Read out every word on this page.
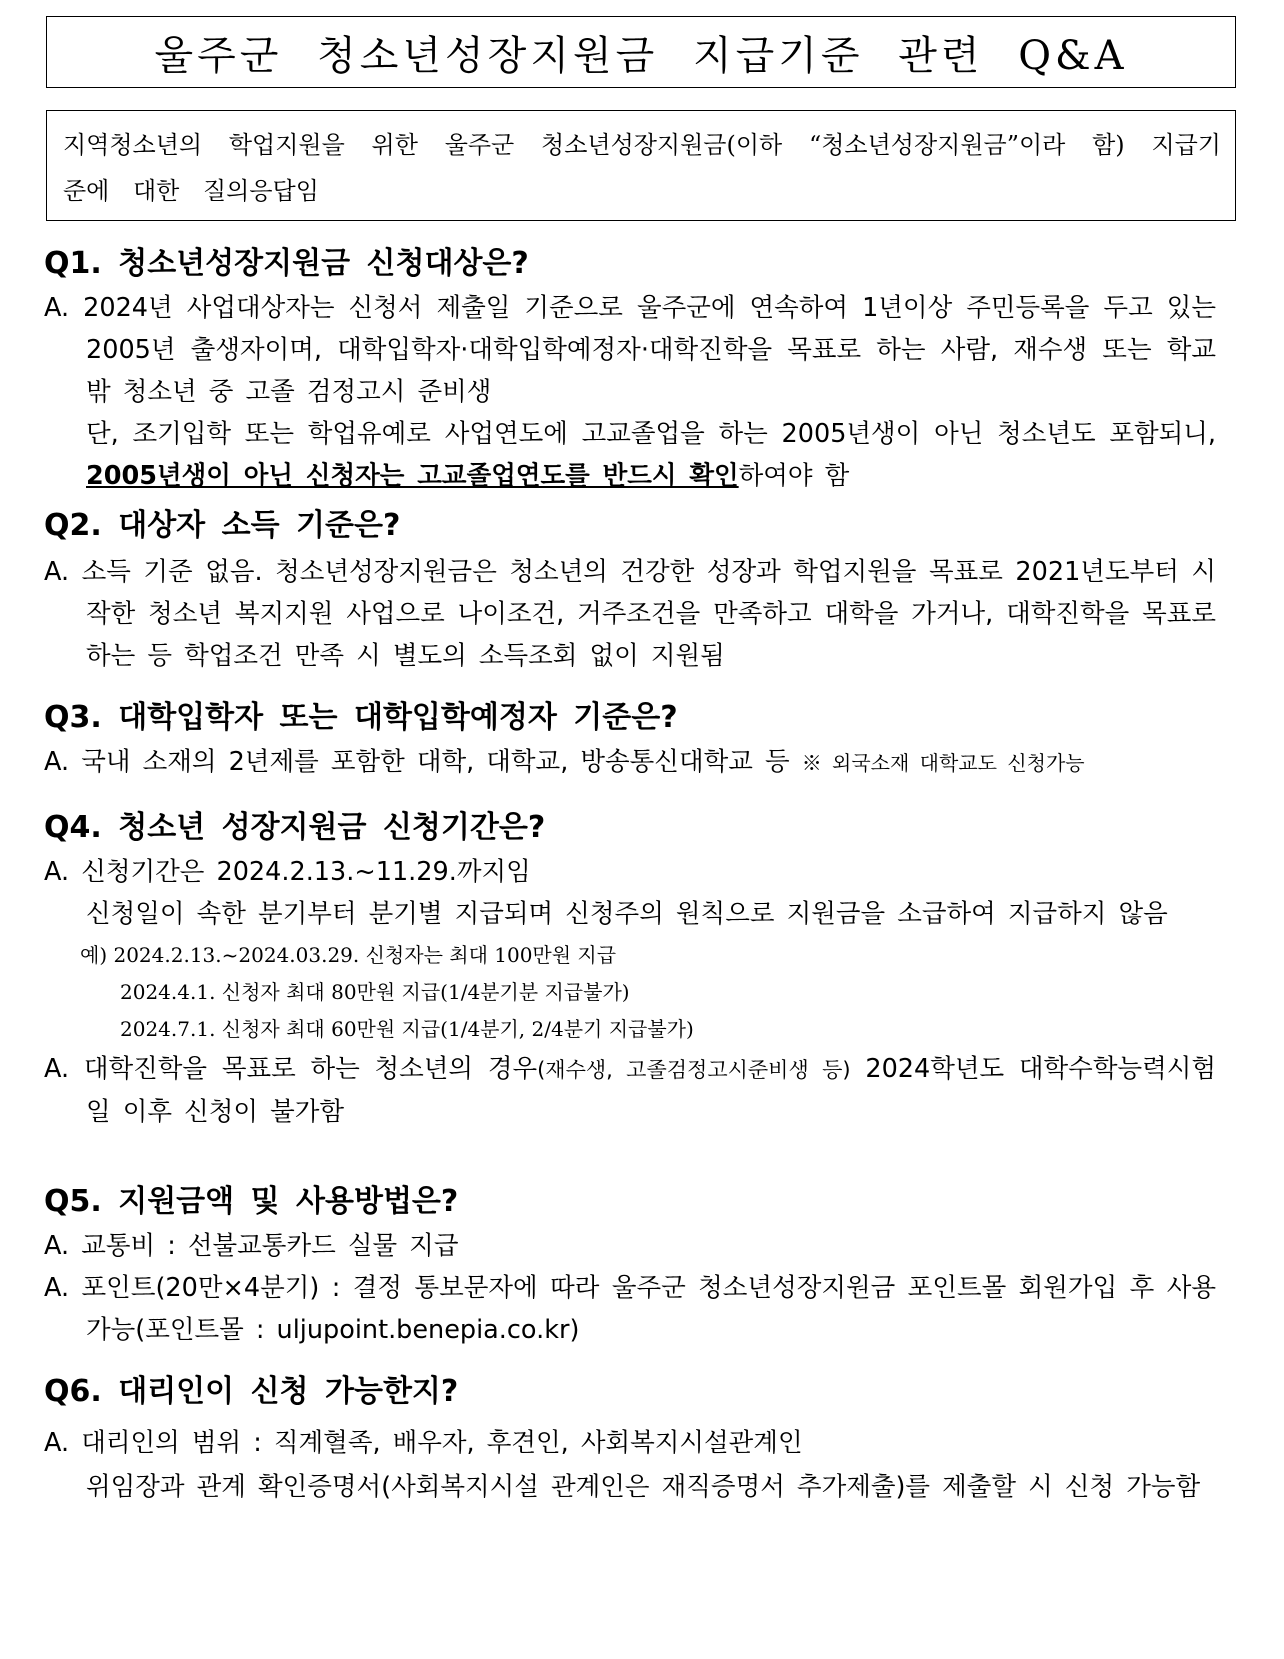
울주군 청소년성장지원금 지급기준 관련 Q&A
지역청소년의 학업지원을 위한 울주군 청소년성장지원금(이하 “청소년성장지원금”이라 함) 지급기준에 대한 질의응답임

Q1. 청소년성장지원금 신청대상은?

A. 2024년 사업대상자는 신청서 제출일 기준으로 울주군에 연속하여 1년이상 주민등록을 두고 있는 2005년 출생자이며, 대학입학자·대학입학예정자·대학진학을 목표로 하는 사람, 재수생 또는 학교 밖 청소년 중 고졸 검정고시 준비생

단, 조기입학 또는 학업유예로 사업연도에 고교졸업을 하는 2005년생이 아닌 청소년도 포함되니, 2005년생이 아닌 신청자는 고교졸업연도를 반드시 확인하여야 함

Q2. 대상자 소득 기준은?

A. 소득 기준 없음. 청소년성장지원금은 청소년의 건강한 성장과 학업지원을 목표로 2021년도부터 시작한 청소년 복지지원 사업으로 나이조건, 거주조건을 만족하고 대학을 가거나, 대학진학을 목표로 하는 등 학업조건 만족 시 별도의 소득조회 없이 지원됨

Q3. 대학입학자 또는 대학입학예정자 기준은?

A. 국내 소재의 2년제를 포함한 대학, 대학교, 방송통신대학교 등 ※ 외국소재 대학교도 신청가능

Q4. 청소년 성장지원금 신청기간은?

A. 신청기간은 2024.2.13.~11.29.까지임

신청일이 속한 분기부터 분기별 지급되며 신청주의 원칙으로 지원금을 소급하여 지급하지 않음

예) 2024.2.13.~2024.03.29. 신청자는 최대 100만원 지급

2024.4.1. 신청자 최대 80만원 지급(1/4분기분 지급불가)

2024.7.1. 신청자 최대 60만원 지급(1/4분기, 2/4분기 지급불가)

A. 대학진학을 목표로 하는 청소년의 경우(재수생, 고졸검정고시준비생 등) 2024학년도 대학수학능력시험일 이후 신청이 불가함

Q5. 지원금액 및 사용방법은?

A. 교통비 : 선불교통카드 실물 지급

A. 포인트(20만×4분기) : 결정 통보문자에 따라 울주군 청소년성장지원금 포인트몰 회원가입 후 사용가능(포인트몰 : uljupoint.benepia.co.kr)

Q6. 대리인이 신청 가능한지?

A. 대리인의 범위 : 직계혈족, 배우자, 후견인, 사회복지시설관계인

위임장과 관계 확인증명서(사회복지시설 관계인은 재직증명서 추가제출)를 제출할 시 신청 가능함
